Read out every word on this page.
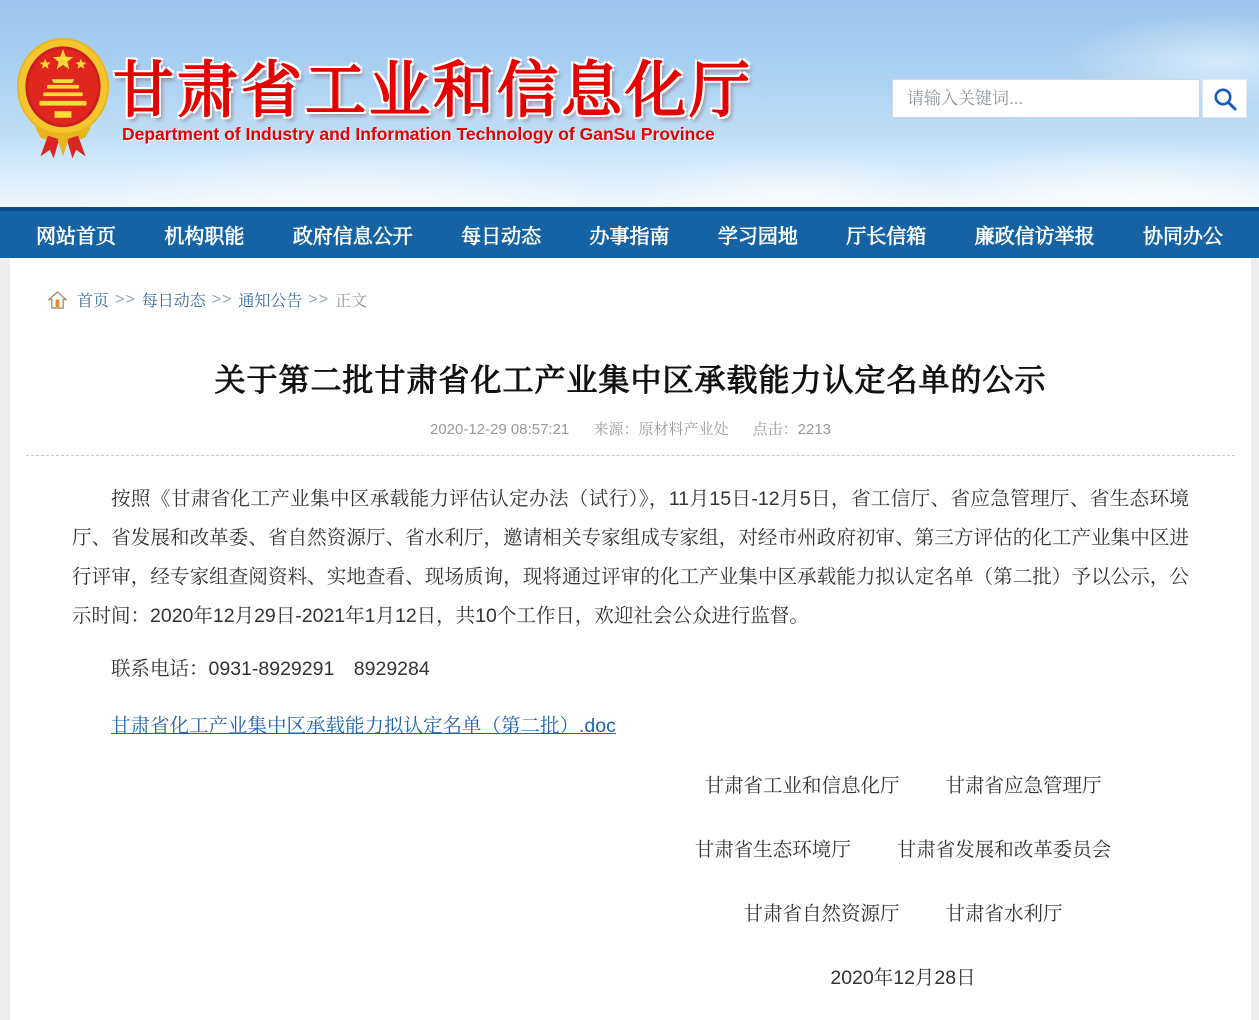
甘肃省工业和信息化厅
Department of Industry and Information Technology of GanSu Province
请输入关键词...
网站首页 机构职能 政府信息公开 每日动态 办事指南 学习园地 厅长信箱 廉政信访举报 协同办公
首页 >> 每日动态 >> 通知公告 >> 正文
关于第二批甘肃省化工产业集中区承载能力认定名单的公示
2020-12-29 08:57:21 来源：原材料产业处 点击：2213

按照《甘肃省化工产业集中区承载能力评估认定办法（试行）》，11月15日-12月5日，省工信厅、省应急管理厅、省生态环境厅、省发展和改革委、省自然资源厅、省水利厅，邀请相关专家组成专家组，对经市州政府初审、第三方评估的化工产业集中区进行评审，经专家组查阅资料、实地查看、现场质询，现将通过评审的化工产业集中区承载能力拟认定名单（第二批）予以公示，公示时间：2020年12月29日-2021年1月12日，共10个工作日，欢迎社会公众进行监督。

联系电话：0931-8929291　8929284

甘肃省化工产业集中区承载能力拟认定名单（第二批）.doc

甘肃省工业和信息化厅 甘肃省应急管理厅
甘肃省生态环境厅 甘肃省发展和改革委员会
甘肃省自然资源厅 甘肃省水利厅
2020年12月28日
